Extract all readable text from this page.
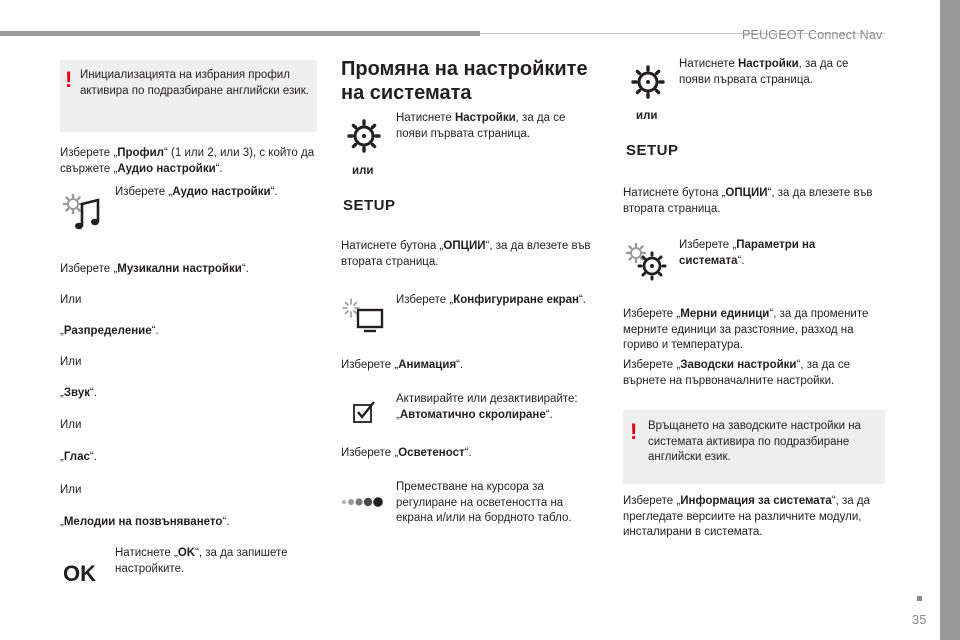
PEUGEOT Connect Nav
35
! Инициализацията на избрания профил активира по подразбиране английски език.
Изберете „Профил“ (1 или 2, или 3), с който да свържете „Аудио настройки“.
Изберете „Аудио настройки“.
Изберете „Музикални настройки“.
Или
„Разпределение“.
Или
„Звук“.
Или
„Глас“.
Или
„Мелодии на позвъняването“.
OK
Натиснете „OK“, за да запишете настройките.
Промяна на настройките на системата
Натиснете Настройки, за да се появи първата страница.
или
SETUP
Натиснете бутона „ОПЦИИ“, за да влезете във втората страница.
Изберете „Конфигуриране екран“.
Изберете „Анимация“.
Активирайте или дезактивирайте: „Автоматично скролиране“.
Изберете „Осветеност“.
Преместване на курсора за регулиране на осветеността на екрана и/или на бордното табло.
Натиснете Настройки, за да се появи първата страница.
или
SETUP
Натиснете бутона „ОПЦИИ“, за да влезете във втората страница.
Изберете „Параметри на системата“.
Изберете „Мерни единици“, за да промените мерните единици за разстояние, разход на гориво и температура.
Изберете „Заводски настройки“, за да се върнете на първоначалните настройки.
! Връщането на заводските настройки на системата активира по подразбиране английски език.
Изберете „Информация за системата“, за да прегледате версиите на различните модули, инсталирани в системата.
